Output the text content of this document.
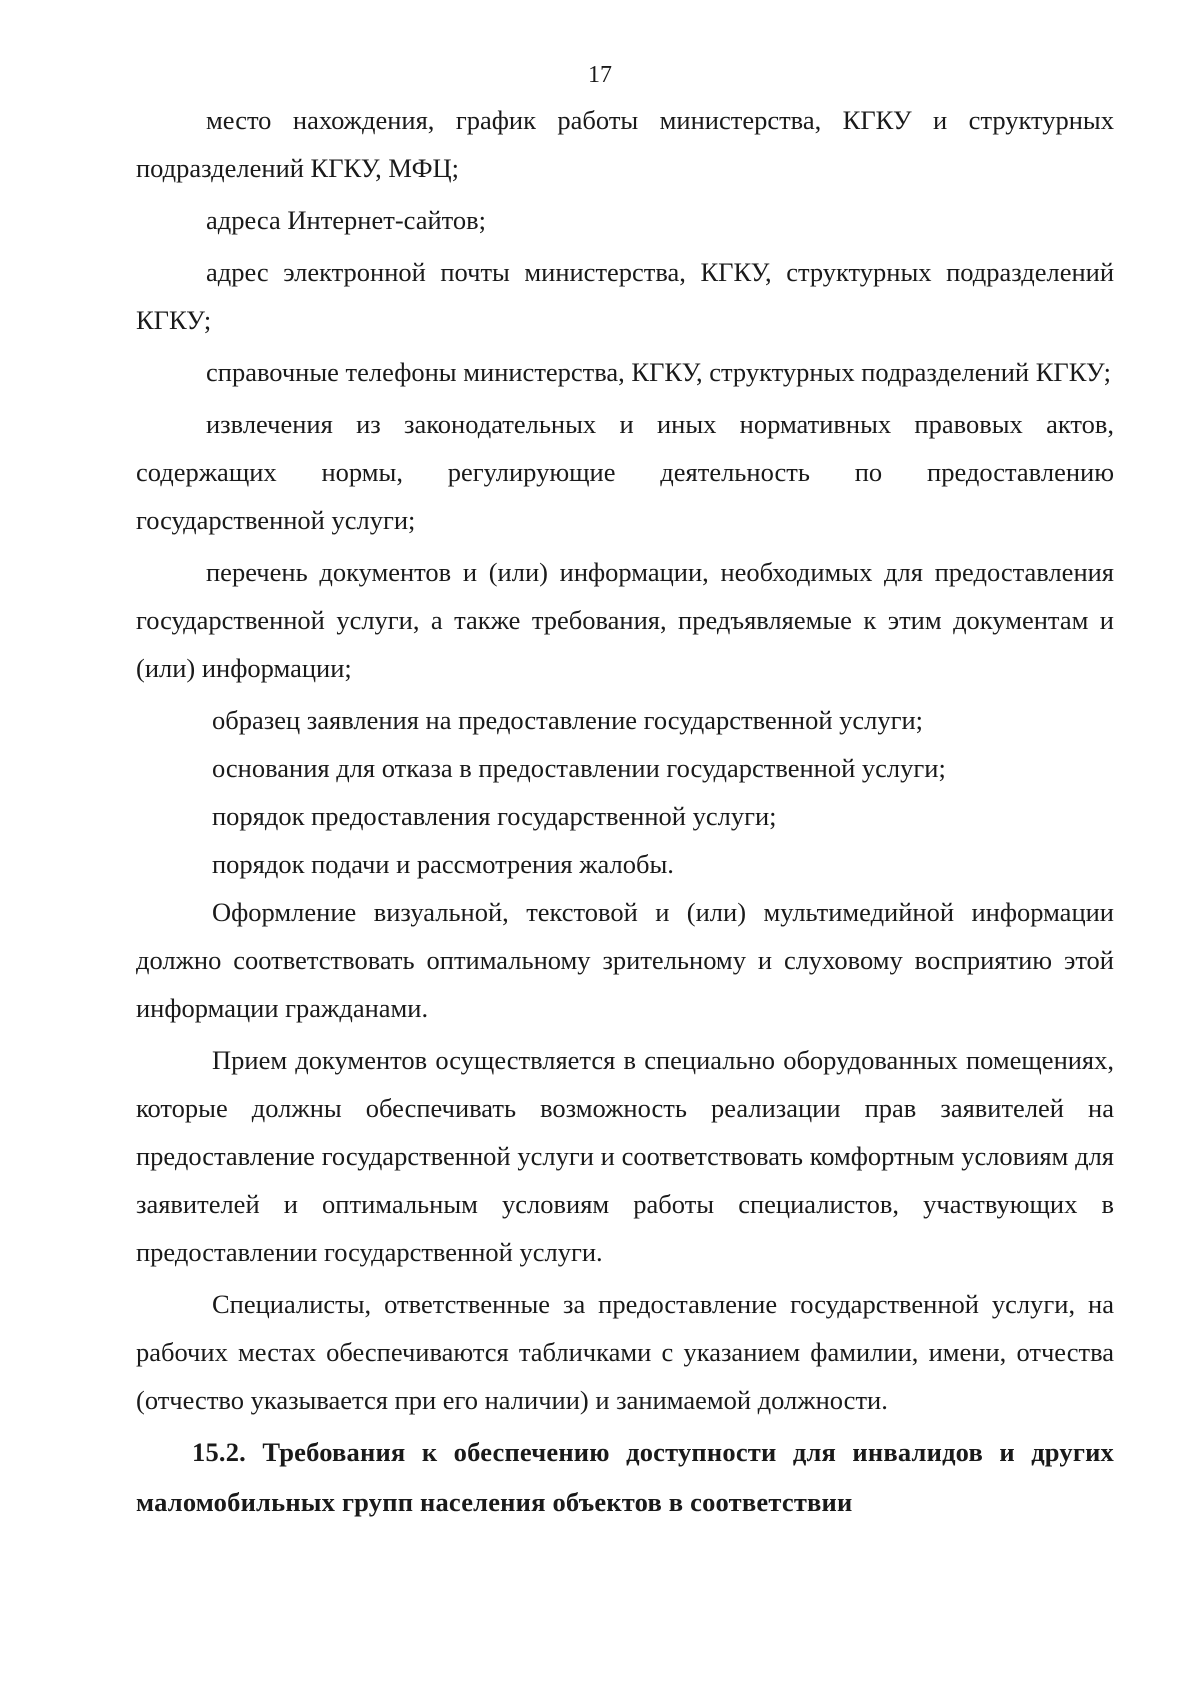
17

место нахождения, график работы министерства, КГКУ и структурных подразделений КГКУ, МФЦ;

адреса Интернет-сайтов;

адрес электронной почты министерства, КГКУ, структурных подразделений КГКУ;

справочные телефоны министерства, КГКУ, структурных подразделений КГКУ;

извлечения из законодательных и иных нормативных правовых актов, содержащих нормы, регулирующие деятельность по предоставлению государственной услуги;

перечень документов и (или) информации, необходимых для предоставления государственной услуги, а также требования, предъявляемые к этим документам и (или) информации;

образец заявления на предоставление государственной услуги;

основания для отказа в предоставлении государственной услуги;

порядок предоставления государственной услуги;

порядок подачи и рассмотрения жалобы.

Оформление визуальной, текстовой и (или) мультимедийной информации должно соответствовать оптимальному зрительному и слуховому восприятию этой информации гражданами.

Прием документов осуществляется в специально оборудованных помещениях, которые должны обеспечивать возможность реализации прав заявителей на предоставление государственной услуги и соответствовать комфортным условиям для заявителей и оптимальным условиям работы специалистов, участвующих в предоставлении государственной услуги.

Специалисты, ответственные за предоставление государственной услуги, на рабочих местах обеспечиваются табличками с указанием фамилии, имени, отчества (отчество указывается при его наличии) и занимаемой должности.

15.2. Требования к обеспечению доступности для инвалидов и других маломобильных групп населения объектов в соответствии
